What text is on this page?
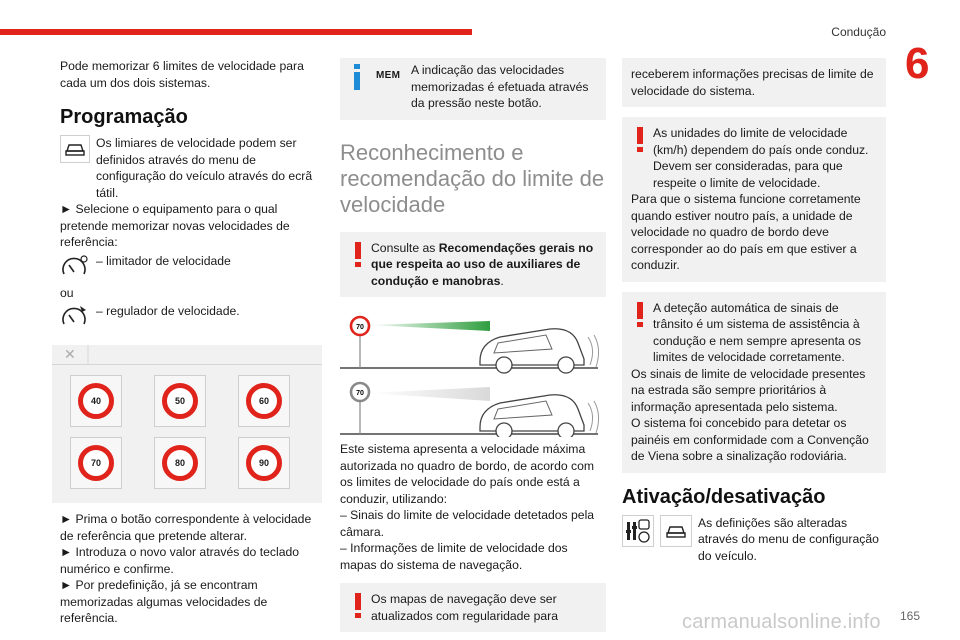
Condução
6

Pode memorizar 6 limites de velocidade para cada um dos dois sistemas.

Programação

Os limiares de velocidade podem ser definidos através do menu de configuração do veículo através do ecrã tátil.

► Selecione o equipamento para o qual pretende memorizar novas velocidades de referência:

– limitador de velocidade

ou

– regulador de velocidade.

✕
40	50	60
70	80	90

► Prima o botão correspondente à velocidade de referência que pretende alterar.

► Introduza o novo valor através do teclado numérico e confirme.

► Por predefinição, já se encontram memorizadas algumas velocidades de referência.

MEM A indicação das velocidades memorizadas é efetuada através da pressão neste botão.

Reconhecimento e recomendação do limite de velocidade

Consulte as Recomendações gerais no que respeita ao uso de auxiliares de condução e manobras.

70
70

Este sistema apresenta a velocidade máxima autorizada no quadro de bordo, de acordo com os limites de velocidade do país onde está a conduzir, utilizando:

– Sinais do limite de velocidade detetados pela câmara.

– Informações de limite de velocidade dos mapas do sistema de navegação.

Os mapas de navegação deve ser atualizados com regularidade para

receberem informações precisas de limite de velocidade do sistema.

As unidades do limite de velocidade (km/h) dependem do país onde conduz. Devem ser consideradas, para que respeite o limite de velocidade.

Para que o sistema funcione corretamente quando estiver noutro país, a unidade de velocidade no quadro de bordo deve corresponder ao do país em que estiver a conduzir.

A deteção automática de sinais de trânsito é um sistema de assistência à condução e nem sempre apresenta os limites de velocidade corretamente.

Os sinais de limite de velocidade presentes na estrada são sempre prioritários à informação apresentada pelo sistema.

O sistema foi concebido para detetar os painéis em conformidade com a Convenção de Viena sobre a sinalização rodoviária.

Ativação/desativação

As definições são alteradas através do menu de configuração do veículo.

carmanualsonline.info 165
